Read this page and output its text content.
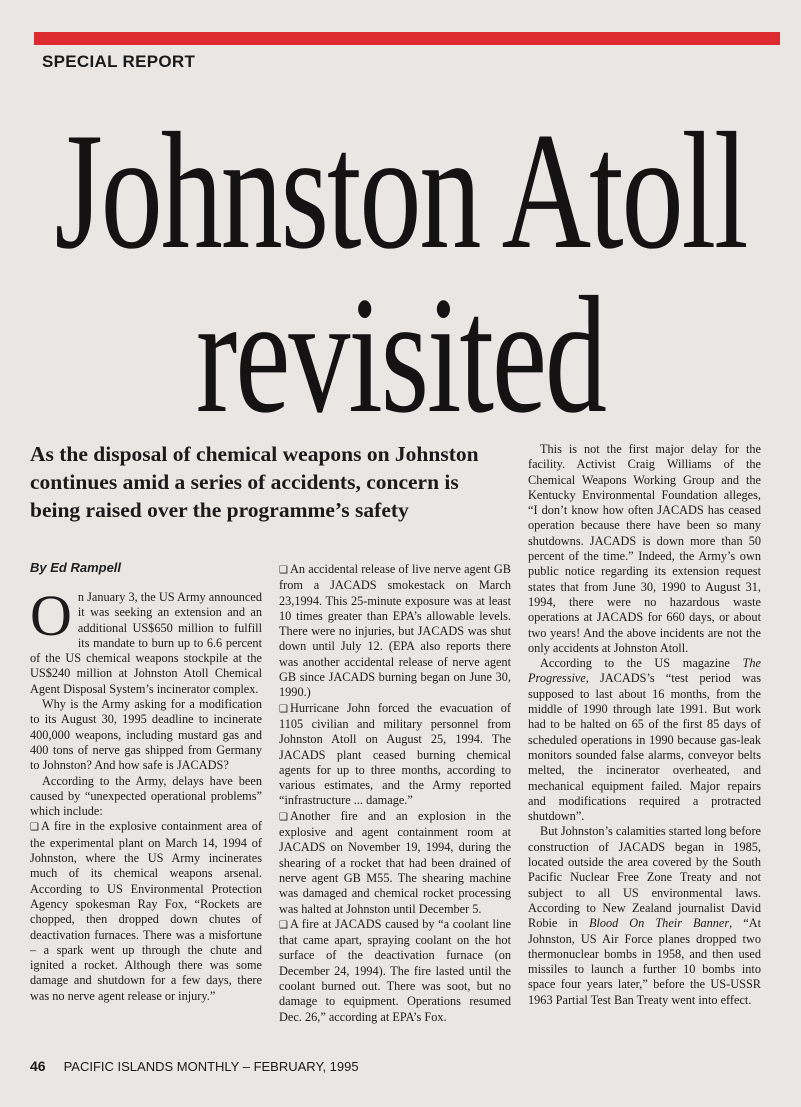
SPECIAL REPORT
Johnston Atoll
revisited
As the disposal of chemical weapons on Johnston continues amid a series of accidents, concern is being raised over the programme’s safety
By Ed Rampell

On January 3, the US Army announced it was seeking an extension and an additional US$650 million to fulfill its mandate to burn up to 6.6 percent of the US chemical weapons stockpile at the US$240 million at Johnston Atoll Chemical Agent Disposal System’s incinerator complex.

Why is the Army asking for a modification to its August 30, 1995 deadline to incinerate 400,000 weapons, including mustard gas and 400 tons of nerve gas shipped from Germany to Johnston? And how safe is JACADS?

According to the Army, delays have been caused by “unexpected operational problems” which include:

❑ A fire in the explosive containment area of the experimental plant on March 14, 1994 of Johnston, where the US Army incinerates much of its chemical weapons arsenal. According to US Environmental Protection Agency spokesman Ray Fox, “Rockets are chopped, then dropped down chutes of deactivation furnaces. There was a misfortune – a spark went up through the chute and ignited a rocket. Although there was some damage and shutdown for a few days, there was no nerve agent release or injury.”

❑ An accidental release of live nerve agent GB from a JACADS smokestack on March 23,1994. This 25-minute exposure was at least 10 times greater than EPA’s allowable levels. There were no injuries, but JACADS was shut down until July 12. (EPA also reports there was another accidental release of nerve agent GB since JACADS burning began on June 30, 1990.)

❑ Hurricane John forced the evacuation of 1105 civilian and military personnel from Johnston Atoll on August 25, 1994. The JACADS plant ceased burning chemical agents for up to three months, according to various estimates, and the Army reported “infrastructure ... damage.”

❑ Another fire and an explosion in the explosive and agent containment room at JACADS on November 19, 1994, during the shearing of a rocket that had been drained of nerve agent GB M55. The shearing machine was damaged and chemical rocket processing was halted at Johnston until December 5.

❑ A fire at JACADS caused by “a coolant line that came apart, spraying coolant on the hot surface of the deactivation furnace (on December 24, 1994). The fire lasted until the coolant burned out. There was soot, but no damage to equipment. Operations resumed Dec. 26,” according at EPA’s Fox.

This is not the first major delay for the facility. Activist Craig Williams of the Chemical Weapons Working Group and the Kentucky Environmental Foundation alleges, “I don’t know how often JACADS has ceased operation because there have been so many shutdowns. JACADS is down more than 50 percent of the time.” Indeed, the Army’s own public notice regarding its extension request states that from June 30, 1990 to August 31, 1994, there were no hazardous waste operations at JACADS for 660 days, or about two years! And the above incidents are not the only accidents at Johnston Atoll.

According to the US magazine The Progressive, JACADS’s “test period was supposed to last about 16 months, from the middle of 1990 through late 1991. But work had to be halted on 65 of the first 85 days of scheduled operations in 1990 because gas-leak monitors sounded false alarms, conveyor belts melted, the incinerator overheated, and mechanical equipment failed. Major repairs and modifications required a protracted shutdown”.

But Johnston’s calamities started long before construction of JACADS began in 1985, located outside the area covered by the South Pacific Nuclear Free Zone Treaty and not subject to all US environmental laws. According to New Zealand journalist David Robie in Blood On Their Banner, “At Johnston, US Air Force planes dropped two thermonuclear bombs in 1958, and then used missiles to launch a further 10 bombs into space four years later,” before the US-USSR 1963 Partial Test Ban Treaty went into effect.

46 PACIFIC ISLANDS MONTHLY – FEBRUARY, 1995
